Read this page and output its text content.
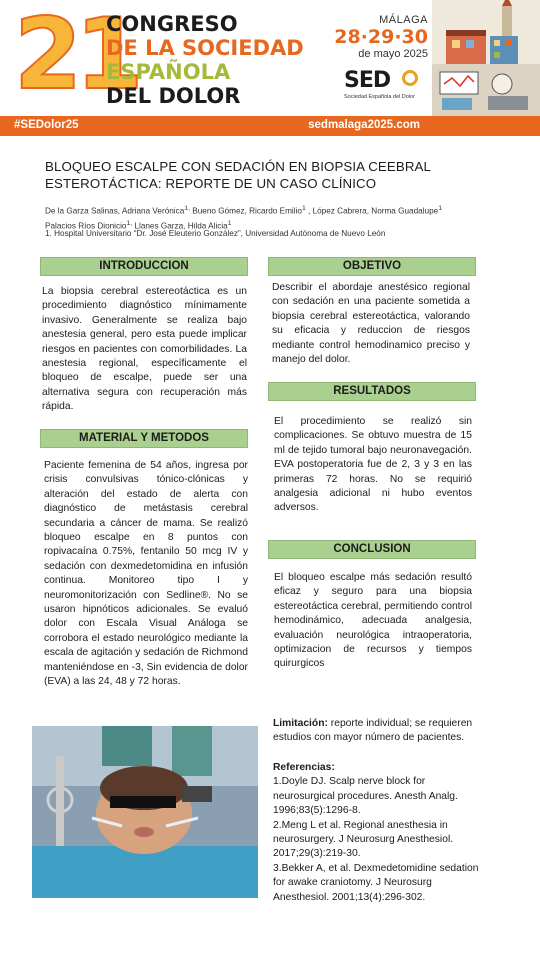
21
CONGRESO
DE LA SOCIEDAD
ESPAÑOLA
DEL DOLOR
MÁLAGA
28·29·30
de mayo 2025
SED
Sociedad Española del Dolor
#SEDolor25	sedmalaga2025.com
BLOQUEO ESCALPE CON SEDACIÓN EN BIOPSIA CEEBRAL ESTEROTÁCTICA: REPORTE DE UN CASO CLÍNICO
De la Garza Salinas, Adriana Verónica$^{1,}$ Bueno Gómez, Ricardo Emilio$^1$ , López Cabrera, Norma Guadalupe$^1$ Palacios Ríos Dionicio$^{1,}$ Llanes Garza, Hilda Alicia$^1$
1. Hospital Universitario “Dr. José Eleuterio González”, Universidad Autónoma de Nuevo León
INTRODUCCION
La biopsia cerebral estereotáctica es un procedimiento diagnóstico mínimamente invasivo. Generalmente se realiza bajo anestesia general, pero esta puede implicar riesgos en pacientes con comorbilidades. La anestesia regional, específicamente el bloqueo de escalpe, puede ser una alternativa segura con recuperación más rápida.
MATERIAL Y METODOS
Paciente femenina de 54 años, ingresa por crisis convulsivas tónico-clónicas y alteración del estado de alerta con diagnóstico de metástasis cerebral secundaria a cáncer de mama. Se realizó bloqueo escalpe en 8 puntos con ropivacaína 0.75%, fentanilo 50 mcg IV y sedación con dexmedetomidina en infusión continua. Monitoreo tipo I y neuromonitorización con Sedline®. No se usaron hipnóticos adicionales. Se evaluó dolor con Escala Visual Análoga se corrobora el estado neurológico mediante la escala de agitación y sedación de Richmond manteniéndose en -3, Sin evidencia de dolor (EVA) a las 24, 48 y 72 horas.
OBJETIVO
Describir el abordaje anestésico regional con sedación en una paciente sometida a biopsia cerebral estereotáctica, valorando su eficacia y reduccion de riesgos mediante control hemodinamico preciso y manejo del dolor.
RESULTADOS
El procedimiento se realizó sin complicaciones. Se obtuvo muestra de 15 ml de tejido tumoral bajo neuronavegación. EVA postoperatoria fue de 2, 3 y 3 en las primeras 72 horas. No se requirió analgesia adicional ni hubo eventos adversos.
CONCLUSION
El bloqueo escalpe más sedación resultó eficaz y seguro para una biopsia estereotáctica cerebral, permitiendo control hemodinámico, adecuada analgesia, evaluación neurológica intraoperatoria, optimizacion de recursos y tiempos quirurgicos
Limitación: reporte individual; se requieren estudios con mayor número de pacientes.
Referencias:
1.Doyle DJ. Scalp nerve block for neurosurgical procedures. Anesth Analg. 1996;83(5):1296-8.
2.Meng L et al. Regional anesthesia in neurosurgery. J Neurosurg Anesthesiol. 2017;29(3):219-30.
3.Bekker A, et al. Dexmedetomidine sedation for awake craniotomy. J Neurosurg Anesthesiol. 2001;13(4):296-302.
